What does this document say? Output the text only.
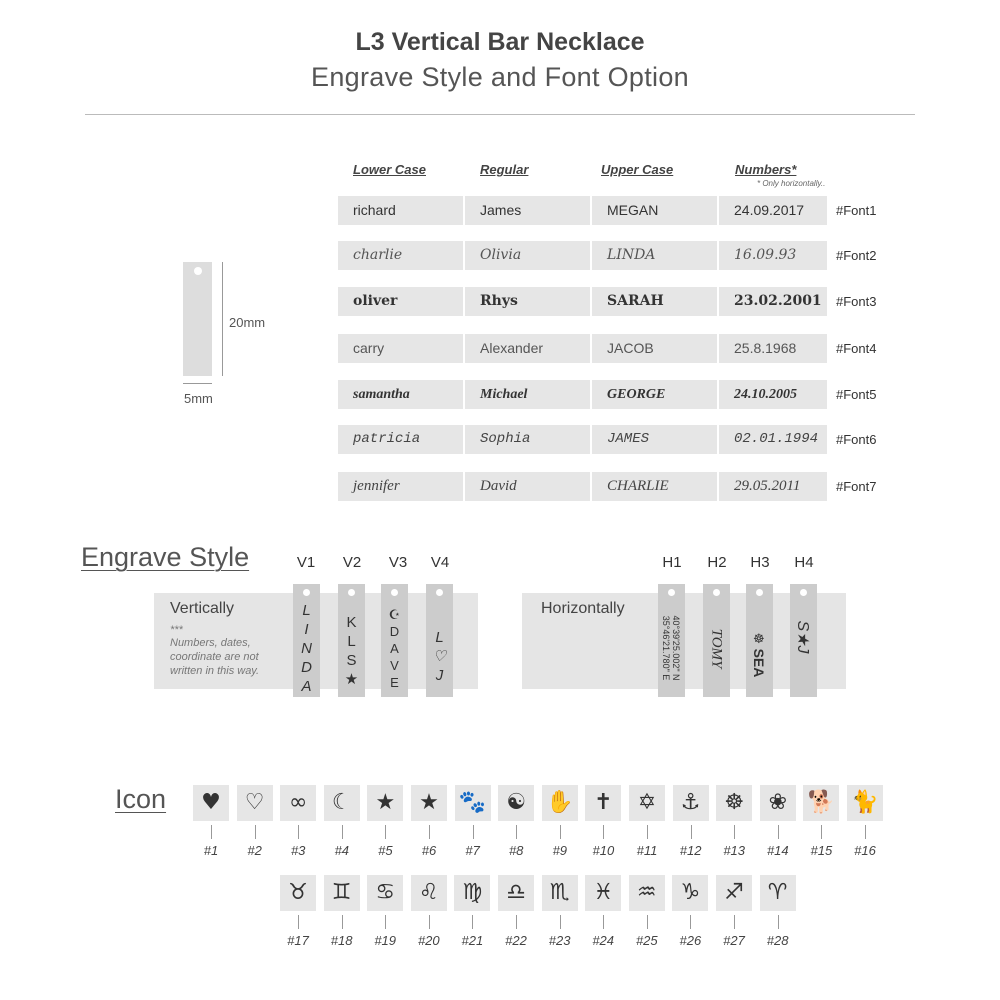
L3 Vertical Bar Necklace
Engrave Style and Font Option
20mm
5mm
Lower Case	Regular	Upper Case	Numbers*
* Only horizontally..
richard	James	MEGAN	24.09.2017	#Font1
charlie	Olivia	LINDA	16.09.93	#Font2
oliver	Rhys	SARAH	23.02.2001	#Font3
carry	Alexander	JACOB	25.8.1968	#Font4
samantha	Michael	GEORGE	24.10.2005	#Font5
patricia	Sophia	JAMES	02.01.1994	#Font6
jennifer	David	CHARLIE	29.05.2011	#Font7
Engrave Style	V1	V2	V3	V4	H1	H2	H3	H4
Vertically
***
Numbers, dates, coordinate are not written in this way.
L
I
N
D
A
K
L
S
★
☪
D
A
V
E
L
♡
J
Horizontally
40°39'25.002" N
35°46'21.780" E	TOMY SEA
☸ S★J
Icon ♥
#1
♡
#2
∞
#3
☾
#4
★
#5
★
#6
🐾
#7
☯
#8
✋
#9
✝
#10
✡
#11
⚓
#12
☸
#13
❀
#14
🐕
#15
🐈
#16
♉
#17
♊
#18
♋
#19
♌
#20
♍
#21
♎
#22
♏
#23
♓
#24
♒
#25
♑
#26
♐
#27
♈
#28
